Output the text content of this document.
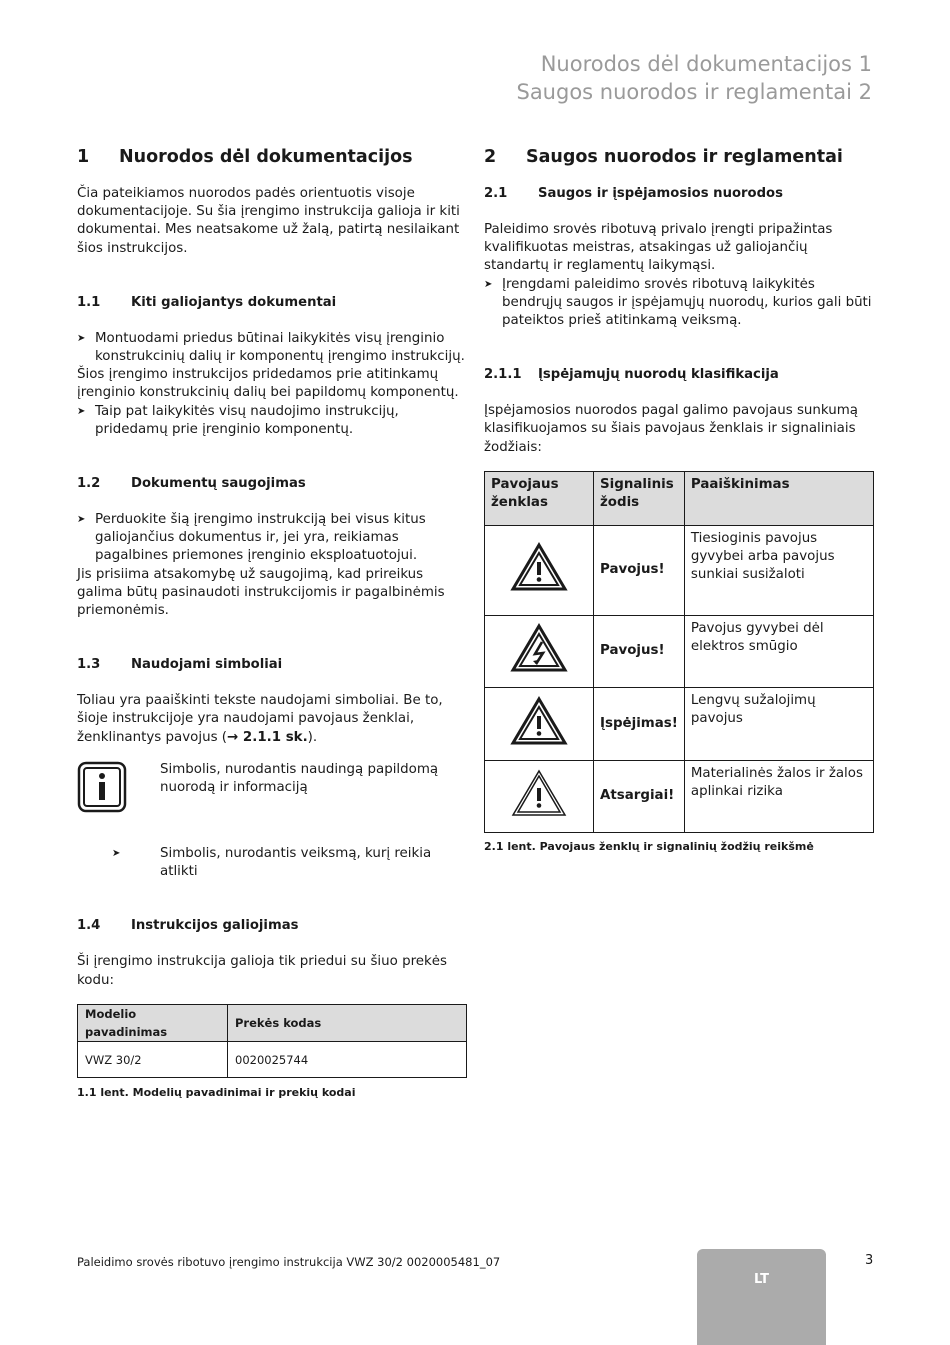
Nuorodos dėl dokumentacijos 1
Saugos nuorodos ir reglamentai 2
1	Nuorodos dėl dokumentacijos

Čia pateikiamos nuorodos padės orientuotis visoje dokumentacijoje. Su šia įrengimo instrukcija galioja ir kiti dokumentai. Mes neatsakome už žalą, patirtą nesilaikant šios instrukcijos.

1.1	Kiti galiojantys dokumentai
➤ Montuodami priedus būtinai laikykitės visų įrenginio konstrukcinių dalių ir komponentų įrengimo instrukcijų.

Šios įrengimo instrukcijos pridedamos prie atitinkamų įrenginio konstrukcinių dalių bei papildomų komponentų.

➤ Taip pat laikykitės visų naudojimo instrukcijų, pridedamų prie įrenginio komponentų.
1.2	Dokumentų saugojimas
➤ Perduokite šią įrengimo instrukciją bei visus kitus galiojančius dokumentus ir, jei yra, reikiamas pagalbines priemones įrenginio eksploatuotojui.

Jis prisiima atsakomybę už saugojimą, kad prireikus galima būtų pasinaudoti instrukcijomis ir pagalbinėmis priemonėmis.

1.3	Naudojami simboliai

Toliau yra paaiškinti tekste naudojami simboliai. Be to, šioje instrukcijoje yra naudojami pavojaus ženklai, ženklinantys pavojus (→ 2.1.1 sk.).

Simbolis, nurodantis naudingą papildomą nuorodą ir informaciją
➤	Simbolis, nurodantis veiksmą, kurį reikia atlikti
1.4	Instrukcijos galiojimas

Ši įrengimo instrukcija galioja tik priedui su šiuo prekės kodu:

Modelio pavadinimas	Prekės kodas
VWZ 30/2	0020025744
1.1 lent. Modelių pavadinimai ir prekių kodai
2	Saugos nuorodos ir reglamentai
2.1	Saugos ir įspėjamosios nuorodos

Paleidimo srovės ribotuvą privalo įrengti pripažintas kvalifikuotas meistras, atsakingas už galiojančių standartų ir reglamentų laikymąsi.

➤ Įrengdami paleidimo srovės ribotuvą laikykitės bendrųjų saugos ir įspėjamųjų nuorodų, kurios gali būti pateiktos prieš atitinkamą veiksmą.
2.1.1	Įspėjamųjų nuorodų klasifikacija

Įspėjamosios nuorodos pagal galimo pavojaus sunkumą klasifikuojamos su šiais pavojaus ženklais ir signaliniais žodžiais:

Pavojaus ženklas	Signalinis žodis	Paaiškinimas
	Pavojus!	Tiesioginis pavojus gyvybei arba pavojus sunkiai susižaloti
	Pavojus!	Pavojus gyvybei dėl elektros smūgio
	Įspėjimas!	Lengvų sužalojimų pavojus
	Atsargiai!	Materialinės žalos ir žalos aplinkai rizika
2.1 lent. Pavojaus ženklų ir signalinių žodžių reikšmė
Paleidimo srovės ribotuvo įrengimo instrukcija VWZ 30/2 0020005481_07	3
LT
